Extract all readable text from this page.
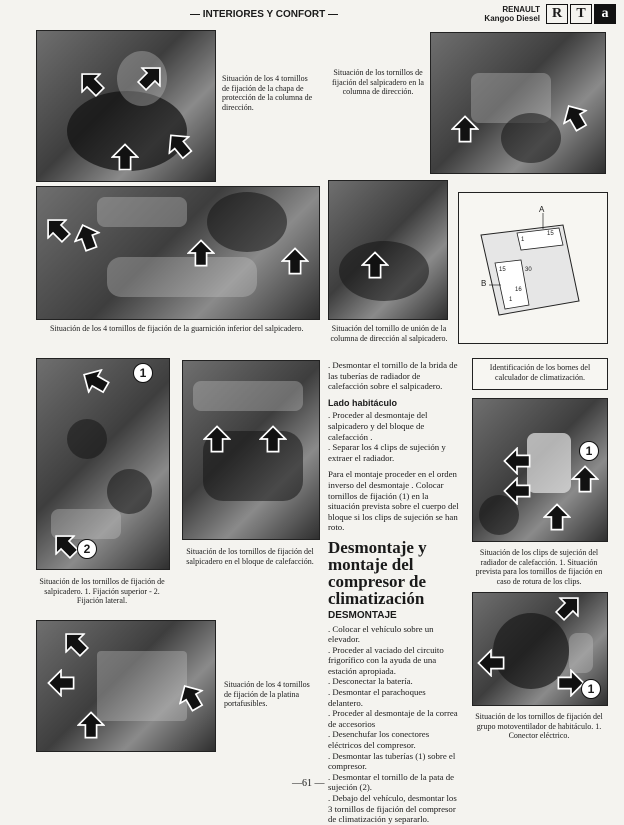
— INTERIORES Y CONFORT —	RENAULT
Kangoo Diesel R	T	a
Situación de los 4 tornillos de fijación de la chapa de protección de la columna de dirección.
Situación de los tornillos de fijación del salpicadero en la columna de dirección.
Situación de los 4 tornillos de fijación de la guarnición inferior del salpicadero.	Situación del tornillo de unión de la columna de dirección al salpicadero.
A
B
1
15
15	30
1
16
1
2
Situación de los tornillos de fijación de salpicadero. 1. Fijación superior - 2. Fijación lateral.
Situación de los tornillos de fijación del salpicadero en el bloque de calefacción.
Situación de los 4 tornillos de fijación de la platina portafusibles.

. Desmontar el tornillo de la brida de las tuberías de radiador de calefacción sobre el salpicadero.

Lado habitáculo

. Proceder al desmontaje del salpicadero y del bloque de calefacción .

. Separar los 4 clips de sujeción y extraer el radiador.

Para el montaje proceder en el orden inverso del desmontaje . Colocar tornillos de fijación (1) en la situación prevista sobre el cuerpo del bloque si los clips de sujeción se han roto.

Desmontaje y montaje del compresor de climatización
DESMONTAJE
. Colocar el vehículo sobre un elevador.
. Proceder al vaciado del circuito frigorífico con la ayuda de una estación apropiada.
. Desconectar la batería.
. Desmontar el parachoques delantero.
. Proceder al desmontaje de la correa de accesorios
. Desenchufar los conectores eléctricos del compresor.
. Desmontar las tuberías (1) sobre el compresor.
. Desmontar el tornillo de la pata de sujeción (2).
. Debajo del vehículo, desmontar los 3 tornillos de fijación del compresor de climatización y separarlo.
Identificación de los bornes del calculador de climatización.
1
Situación de los clips de sujeción del radiador de calefacción. 1. Situación prevista para los tornillos de fijación en caso de rotura de los clips.
1
Situación de los tornillos de fijación del grupo motoventilador de habitáculo. 1. Conector eléctrico.
—61 —
